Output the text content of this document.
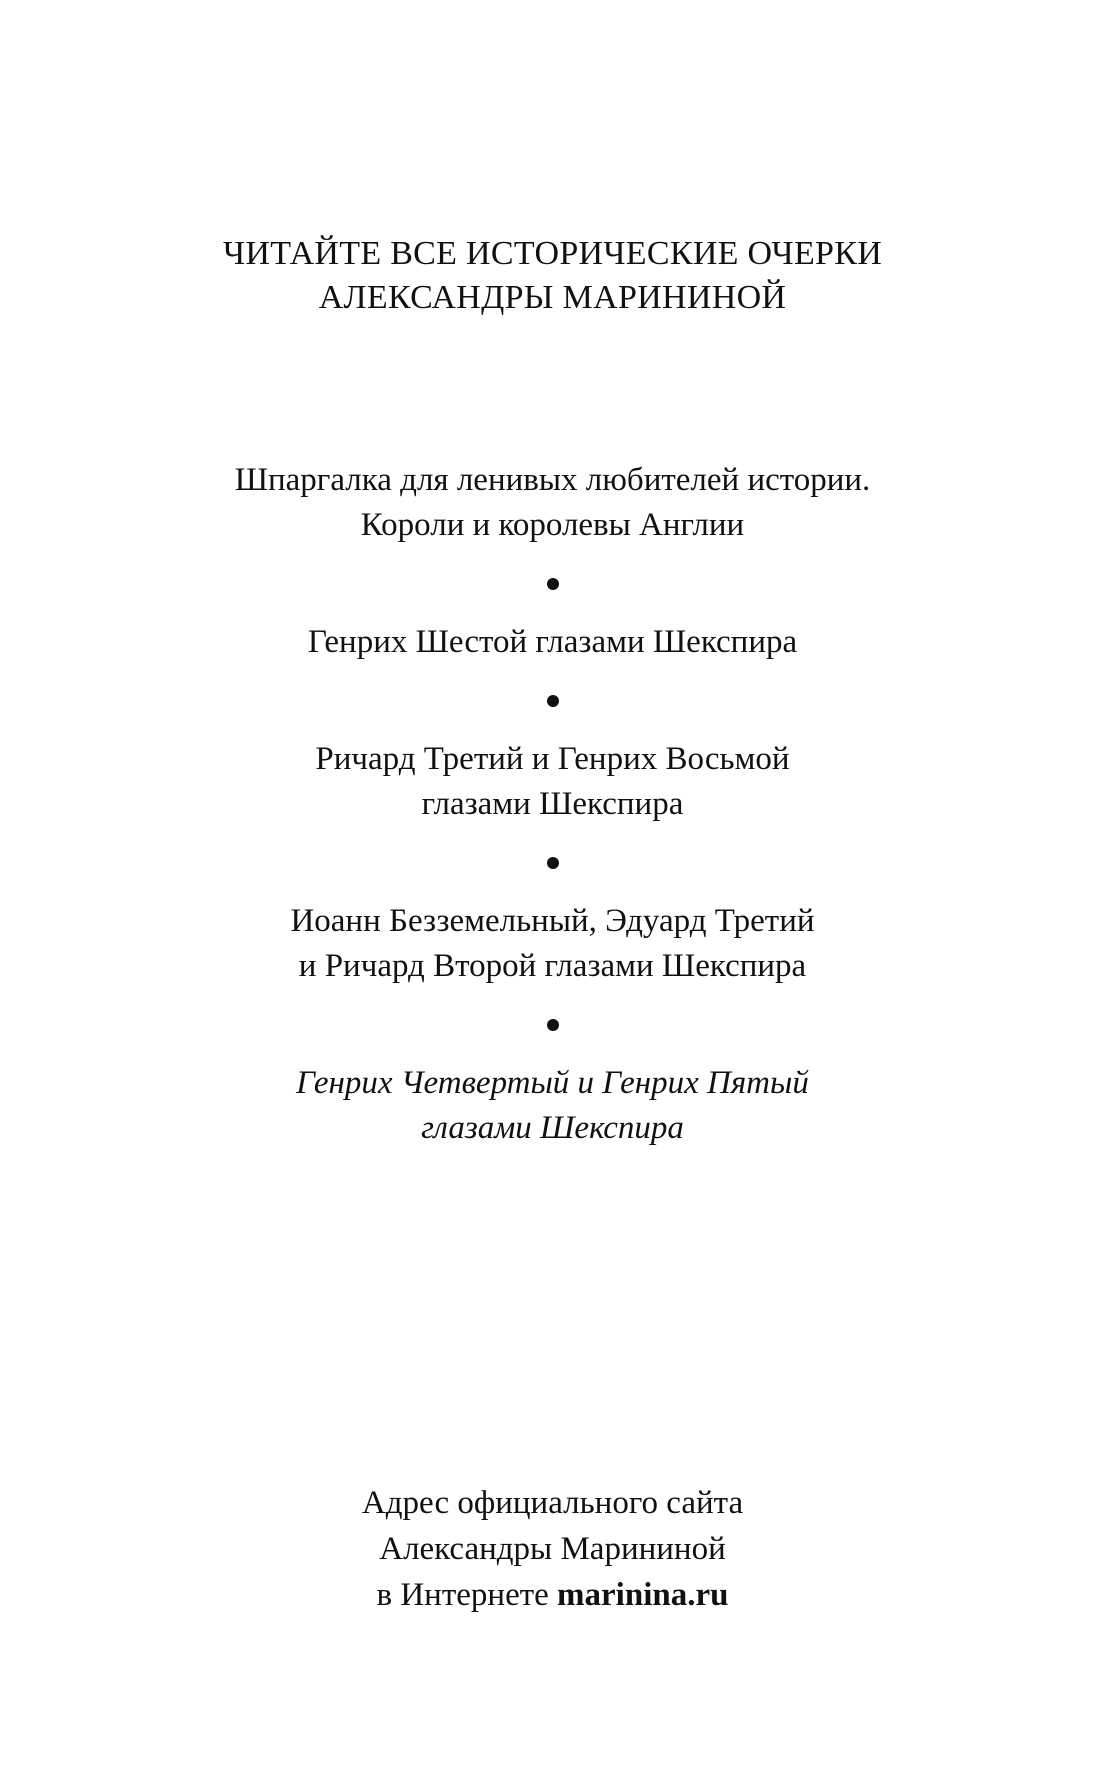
ЧИТАЙТЕ ВСЕ ИСТОРИЧЕСКИЕ ОЧЕРКИ
АЛЕКСАНДРЫ МАРИНИНОЙ
Шпаргалка для ленивых любителей истории.
Короли и королевы Англии
Генрих Шестой глазами Шекспира
Ричард Третий и Генрих Восьмой
глазами Шекспира
Иоанн Безземельный, Эдуард Третий
и Ричард Второй глазами Шекспира
Генрих Четвертый и Генрих Пятый
глазами Шекспира
Адрес официального сайта
Александры Марининой
в Интернете marinina.ru
